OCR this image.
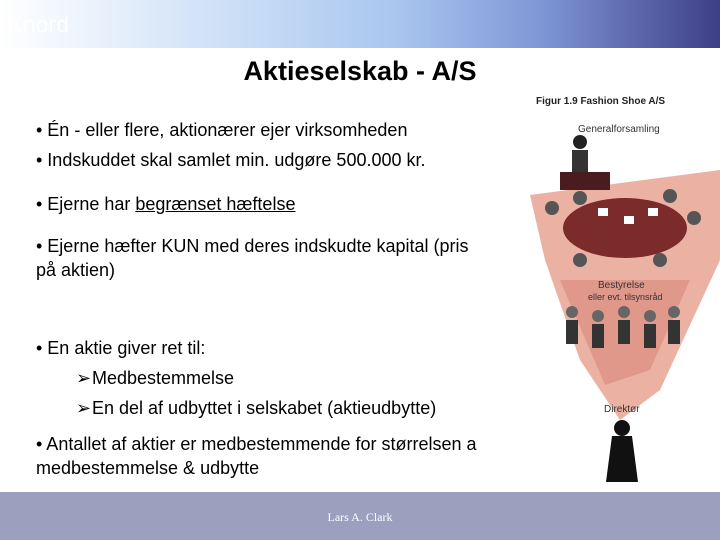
Knord
Aktieselskab - A/S
• Én - eller flere, aktionærer ejer virksomheden
• Indskuddet skal samlet min. udgøre 500.000 kr.
• Ejerne har begrænset hæftelse
• Ejerne hæfter KUN med deres indskudte kapital (pris
på aktien)
• En aktie giver ret til:
➢Medbestemmelse
➢En del af udbyttet i selskabet (aktieudbytte)
• Antallet af aktier er medbestemmende for størrelsen a
medbestemmelse & udbytte
Figur 1.9 Fashion Shoe A/S
Generalforsamling
Bestyrelse
eller evt. tilsynsråd
Direktør
Lars A. Clark
